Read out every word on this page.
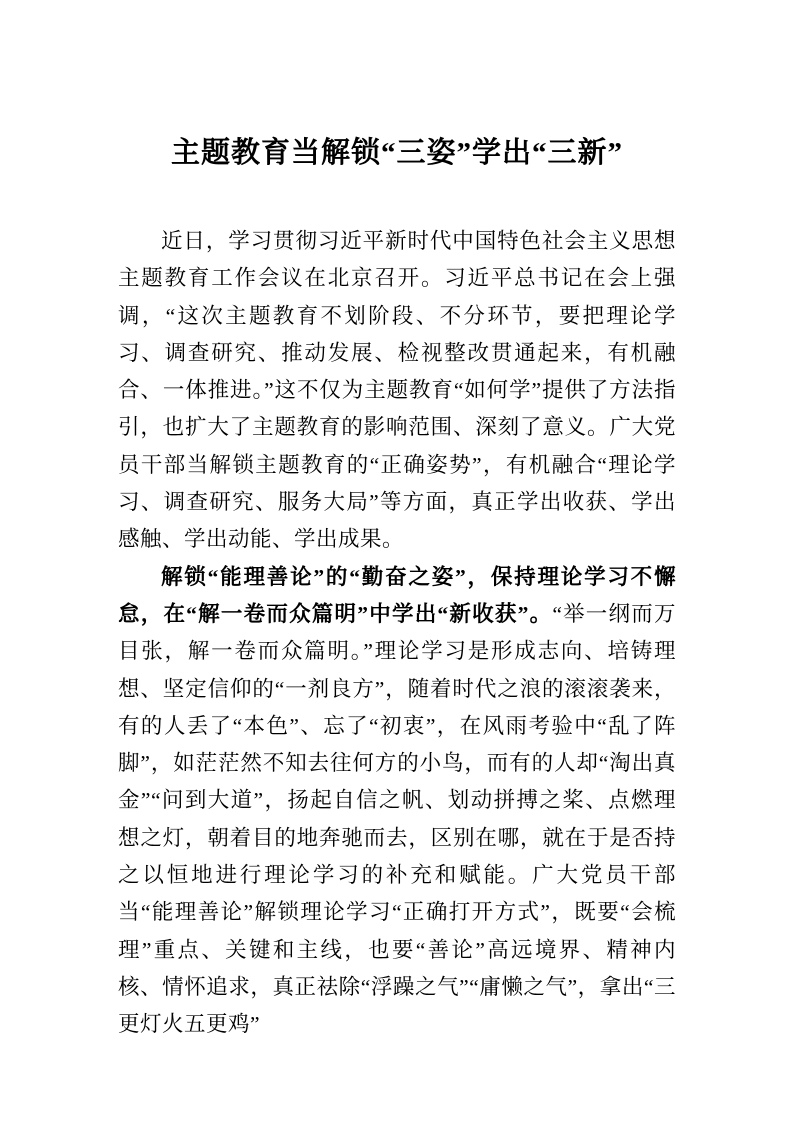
主题教育当解锁“三姿”学出“三新”

近日，学习贯彻习近平新时代中国特色社会主义思想主题教育工作会议在北京召开。习近平总书记在会上强调，“这次主题教育不划阶段、不分环节，要把理论学习、调查研究、推动发展、检视整改贯通起来，有机融合、一体推进。”这不仅为主题教育“如何学”提供了方法指引，也扩大了主题教育的影响范围、深刻了意义。广大党员干部当解锁主题教育的“正确姿势”，有机融合“理论学习、调查研究、服务大局”等方面，真正学出收获、学出感触、学出动能、学出成果。

解锁“能理善论”的“勤奋之姿”，保持理论学习不懈怠，在“解一卷而众篇明”中学出“新收获”。“举一纲而万目张，解一卷而众篇明。”理论学习是形成志向、培铸理想、坚定信仰的“一剂良方”，随着时代之浪的滚滚袭来，有的人丢了“本色”、忘了“初衷”，在风雨考验中“乱了阵脚”，如茫茫然不知去往何方的小鸟，而有的人却“淘出真金”“问到大道”，扬起自信之帆、划动拼搏之桨、点燃理想之灯，朝着目的地奔驰而去，区别在哪，就在于是否持之以恒地进行理论学习的补充和赋能。广大党员干部当“能理善论”解锁理论学习“正确打开方式”，既要“会梳理”重点、关键和主线，也要“善论”高远境界、精神内核、情怀追求，真正祛除“浮躁之气”“庸懒之气”，拿出“三更灯火五更鸡”
